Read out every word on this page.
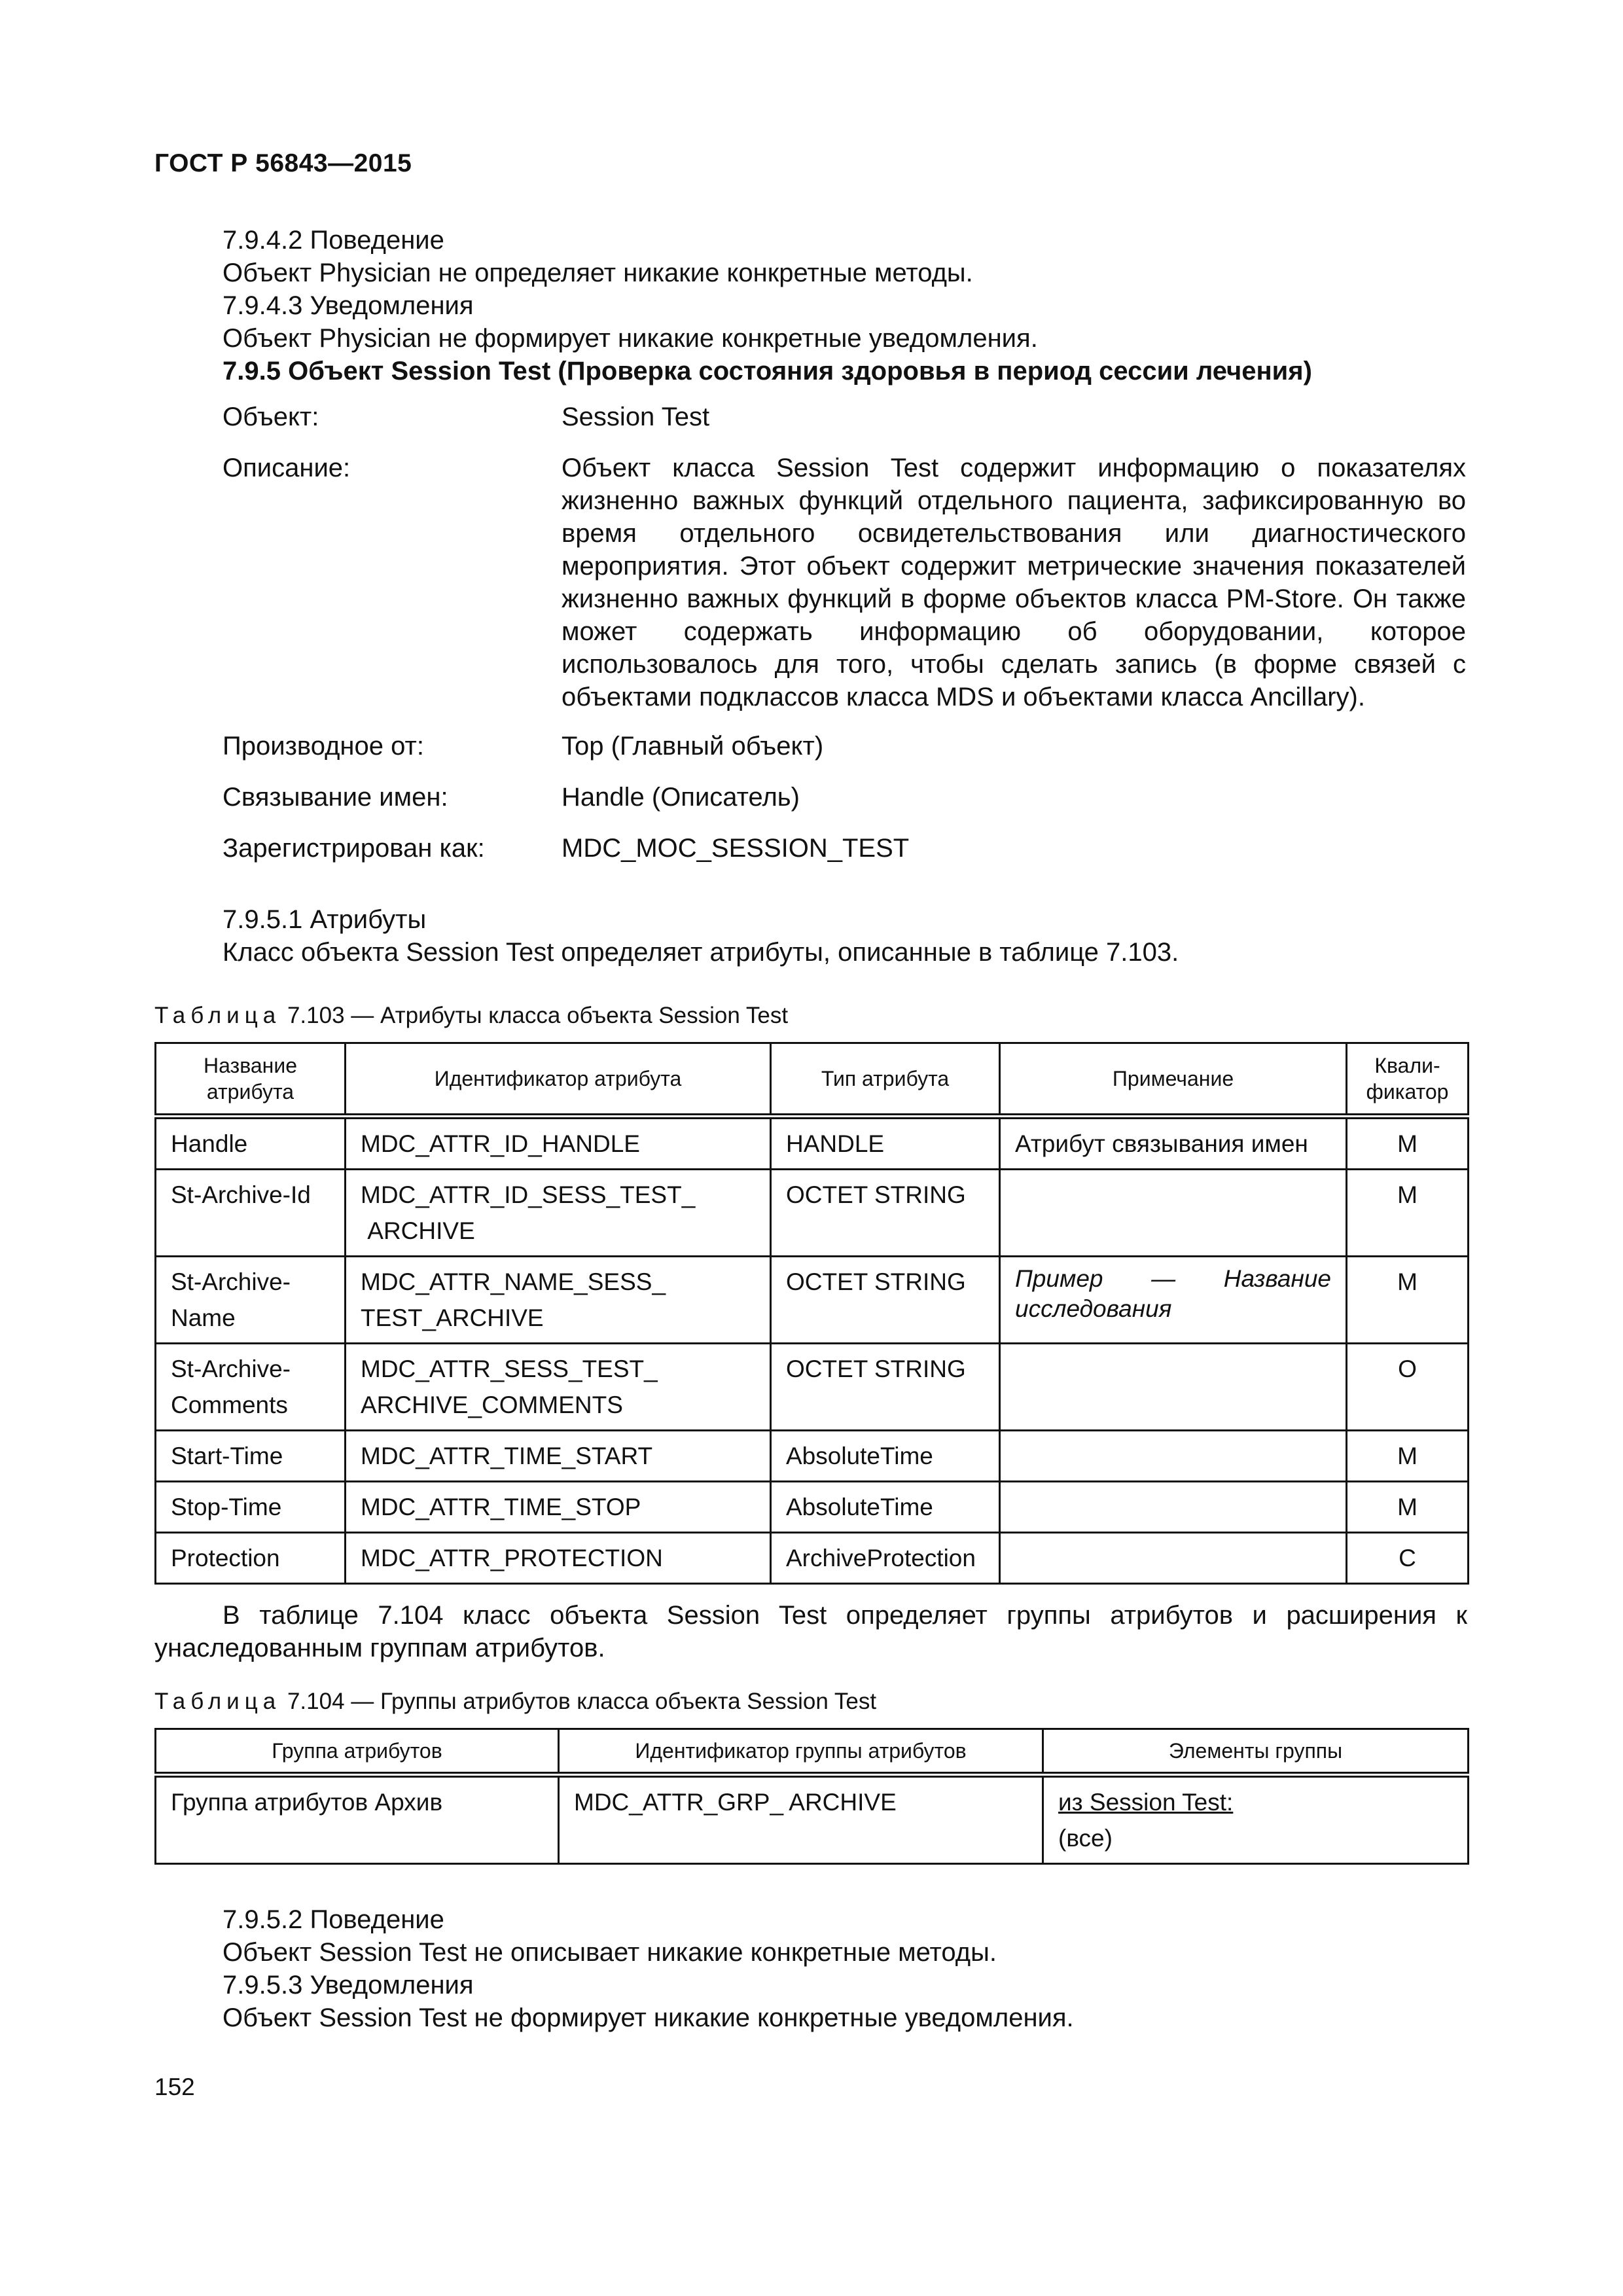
ГОСТ Р 56843—2015
7.9.4.2 Поведение
Объект Physician не определяет никакие конкретные методы.
7.9.4.3 Уведомления
Объект Physician не формирует никакие конкретные уведомления.
7.9.5 Объект Session Test (Проверка состояния здоровья в период сессии лечения)
Объект:	Session Test
Описание:	Объект класса Session Test содержит информацию о показателях жизненно важных функций отдельного пациента, зафиксированную во время отдельного освидетельствования или диагностического мероприятия. Этот объект содержит метрические значения показателей жизненно важных функций в форме объектов класса PM-Store. Он также может содержать информацию об оборудовании, которое использовалось для того, чтобы сделать запись (в форме связей с объектами подклассов класса MDS и объектами класса Ancillary).
Производное от:	Top (Главный объект)
Связывание имен:	Handle (Описатель)
Зарегистрирован как:	MDC_MOC_SESSION_TEST
7.9.5.1 Атрибуты
Класс объекта Session Test определяет атрибуты, описанные в таблице 7.103.
Таблица 7.103 — Атрибуты класса объекта Session Test
Название
атрибута	Идентификатор атрибута	Тип атрибута	Примечание	Квали-
фикатор
Handle	MDC_ATTR_ID_HANDLE	HANDLE	Атрибут связывания имен	M
St-Archive-Id	MDC_ATTR_ID_SESS_TEST_
ARCHIVE	OCTET STRING		M
St-Archive-
Name	MDC_ATTR_NAME_SESS_
TEST_ARCHIVE	OCTET STRING	Пример — Название исследования	M
St-Archive-
Comments	MDC_ATTR_SESS_TEST_
ARCHIVE_COMMENTS	OCTET STRING		O
Start-Time	MDC_ATTR_TIME_START	AbsoluteTime		M
Stop-Time	MDC_ATTR_TIME_STOP	AbsoluteTime		M
Protection	MDC_ATTR_PROTECTION	ArchiveProtection		C
В таблице 7.104 класс объекта Session Test определяет группы атрибутов и расширения к унаследованным группам атрибутов.
Таблица 7.104 — Группы атрибутов класса объекта Session Test
Группа атрибутов	Идентификатор группы атрибутов	Элементы группы
Группа атрибутов Архив	MDC_ATTR_GRP_ ARCHIVE	из Session Test:
(все)
7.9.5.2 Поведение
Объект Session Test не описывает никакие конкретные методы.
7.9.5.3 Уведомления
Объект Session Test не формирует никакие конкретные уведомления.
152
